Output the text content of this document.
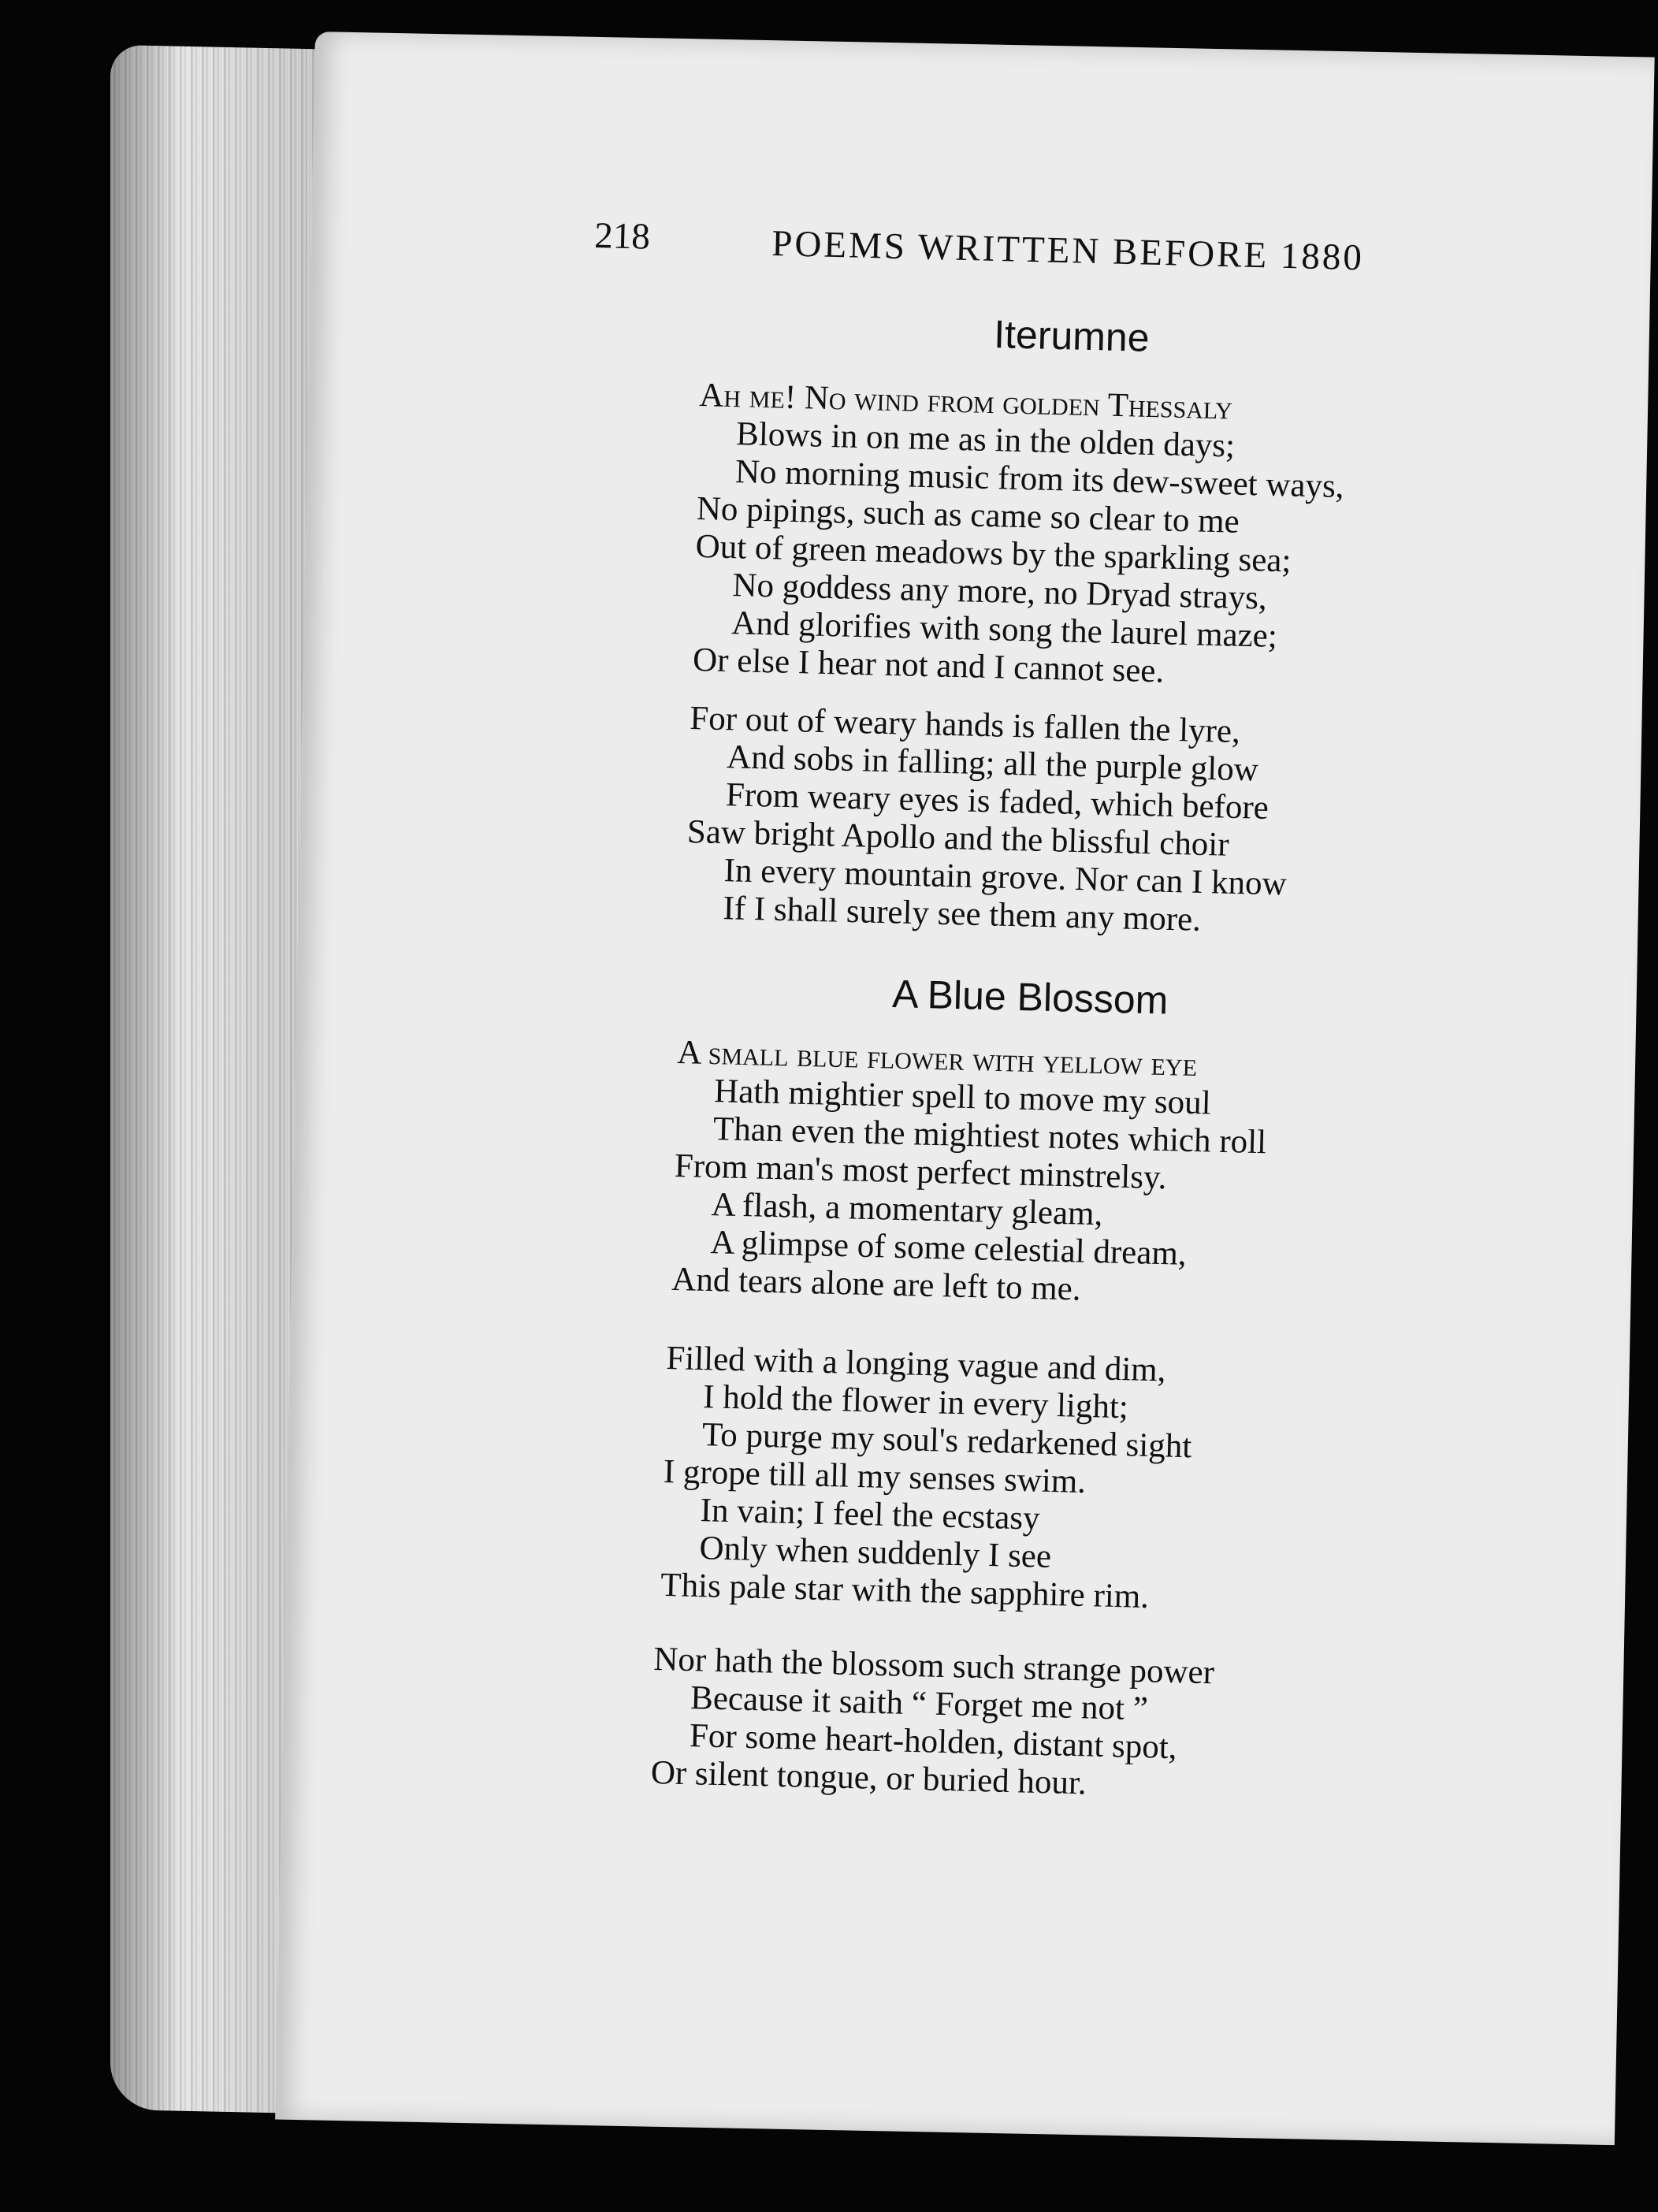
218	POEMS WRITTEN BEFORE 1880
Iterumne
Ah me! No wind from golden Thessaly
Blows in on me as in the olden days;
No morning music from its dew-sweet ways,
No pipings, such as came so clear to me
Out of green meadows by the sparkling sea;
No goddess any more, no Dryad strays,
And glorifies with song the laurel maze;
Or else I hear not and I cannot see.
For out of weary hands is fallen the lyre,
And sobs in falling; all the purple glow
From weary eyes is faded, which before
Saw bright Apollo and the blissful choir
In every mountain grove. Nor can I know
If I shall surely see them any more.
A Blue Blossom
A small blue flower with yellow eye
Hath mightier spell to move my soul
Than even the mightiest notes which roll
From man's most perfect minstrelsy.
A flash, a momentary gleam,
A glimpse of some celestial dream,
And tears alone are left to me.
Filled with a longing vague and dim,
I hold the flower in every light;
To purge my soul's redarkened sight
I grope till all my senses swim.
In vain; I feel the ecstasy
Only when suddenly I see
This pale star with the sapphire rim.
Nor hath the blossom such strange power
Because it saith “ Forget me not ”
For some heart-holden, distant spot,
Or silent tongue, or buried hour.
